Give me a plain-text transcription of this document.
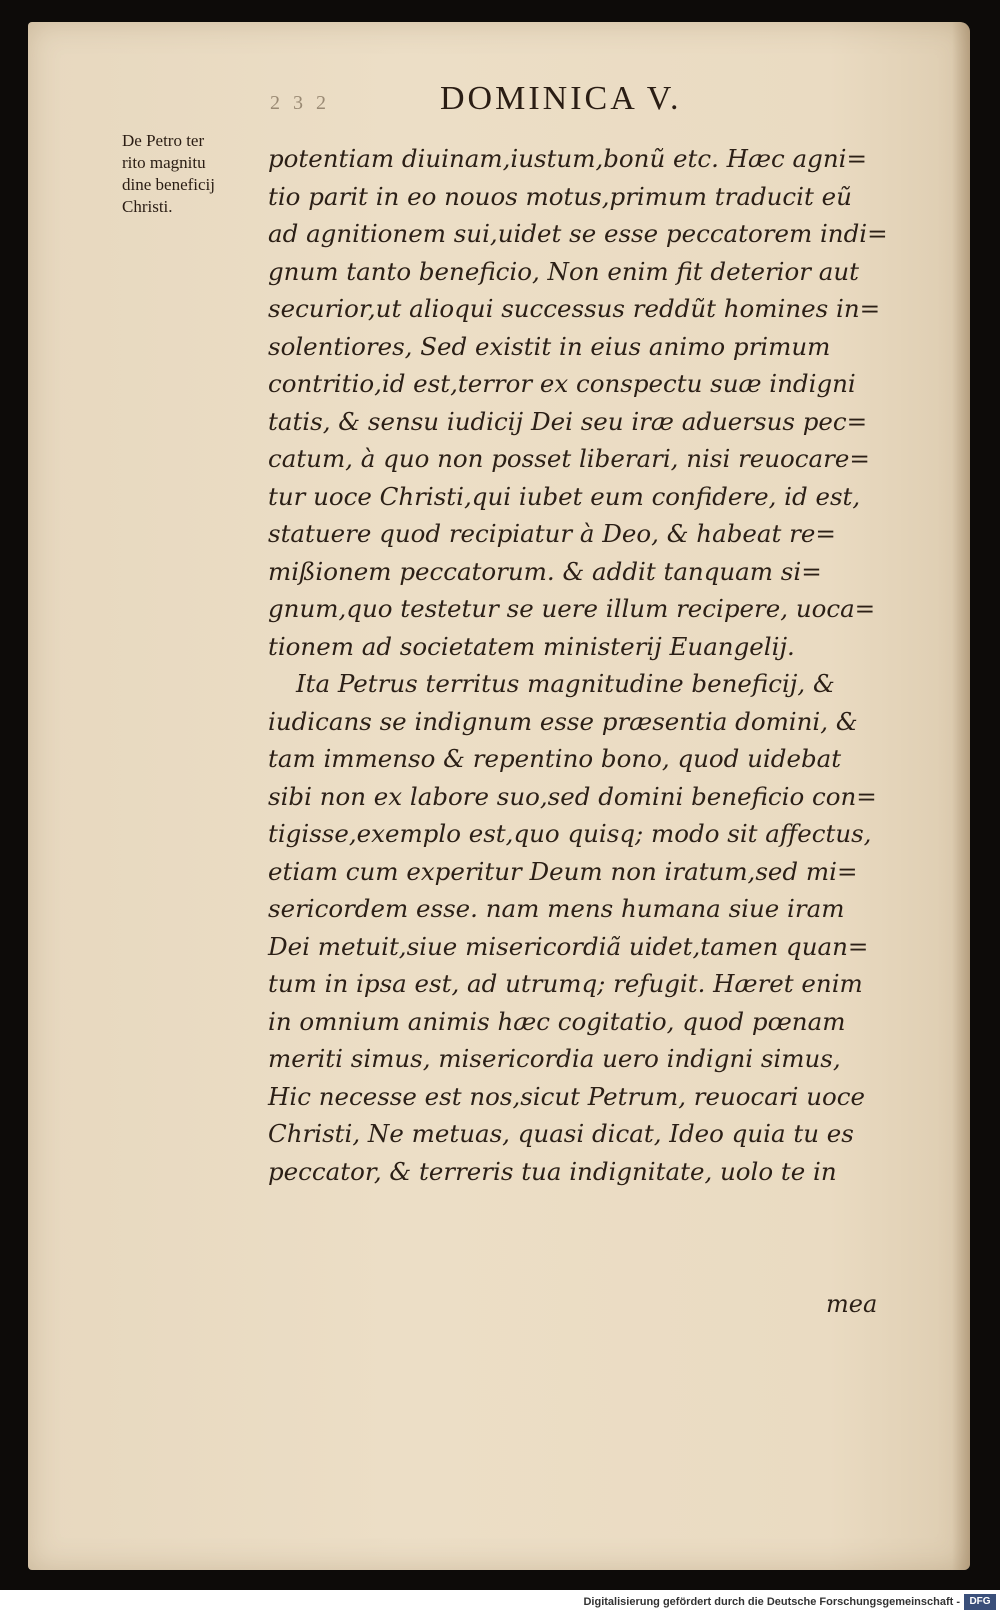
2 3 2	DOMINICA V.
De Petro ter
rito magnitu
dine beneficij
Christi.
potentiam diuinam,iustum,bonũ etc. Hæc agni=
tio parit in eo nouos motus,primum traducit eũ
ad agnitionem sui,uidet se esse peccatorem indi=
gnum tanto beneficio, Non enim fit deterior aut
securior,ut alioqui successus reddũt homines in=
solentiores, Sed existit in eius animo primum
contritio,id est,terror ex conspectu suæ indigni
tatis, & sensu iudicij Dei seu iræ aduersus pec=
catum, à quo non posset liberari, nisi reuocare=
tur uoce Christi,qui iubet eum confidere, id est,
statuere quod recipiatur à Deo, & habeat re=
mißionem peccatorum. & addit tanquam si=
gnum,quo testetur se uere illum recipere, uoca=
tionem ad societatem ministerij Euangelij.
Ita Petrus territus magnitudine beneficij, &
iudicans se indignum esse præsentia domini, &
tam immenso & repentino bono, quod uidebat
sibi non ex labore suo,sed domini beneficio con=
tigisse,exemplo est,quo quisq; modo sit affectus,
etiam cum experitur Deum non iratum,sed mi=
sericordem esse. nam mens humana siue iram
Dei metuit,siue misericordiã uidet,tamen quan=
tum in ipsa est, ad utrumq; refugit. Hæret enim
in omnium animis hæc cogitatio, quod pœnam
meriti simus, misericordia uero indigni simus,
Hic necesse est nos,sicut Petrum, reuocari uoce
Christi, Ne metuas, quasi dicat, Ideo quia tu es
peccator, & terreris tua indignitate, uolo te in
mea
Digitalisierung gefördert durch die Deutsche Forschungsgemeinschaft - DFG
